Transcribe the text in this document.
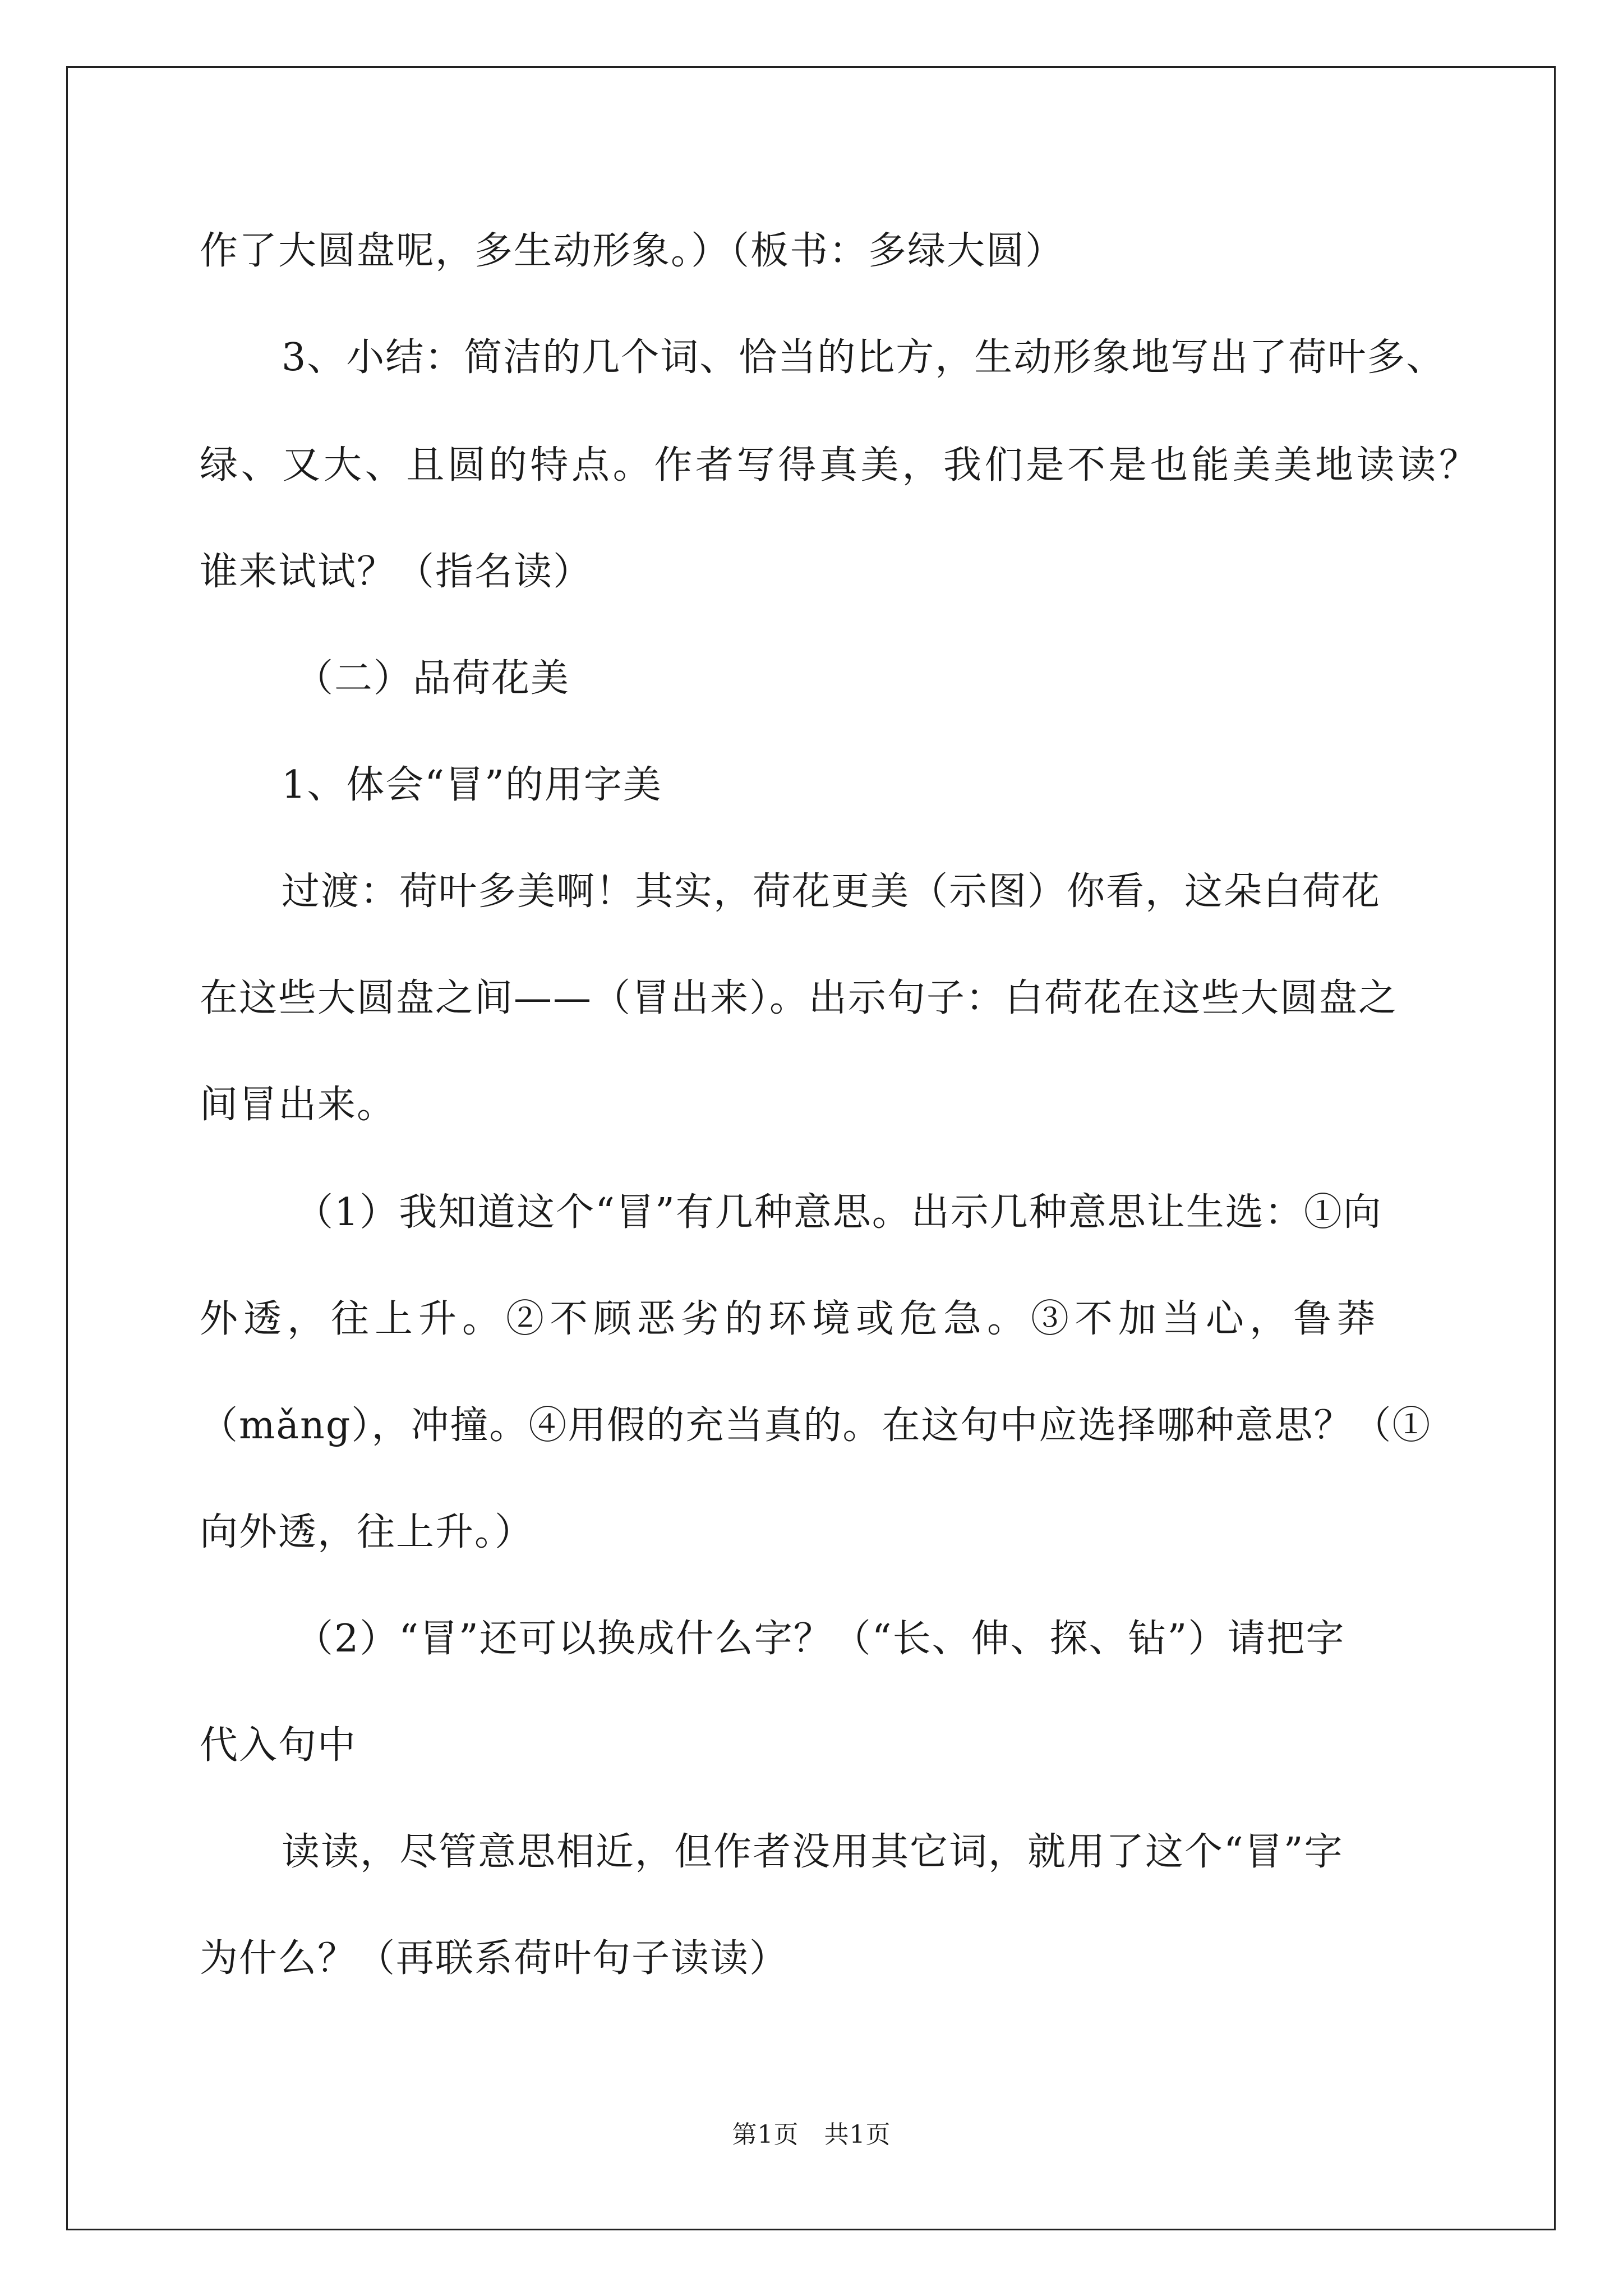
作了大圆盘呢，多生动形象。）（板书：多绿大圆）
3、小结：简洁的几个词、恰当的比方，生动形象地写出了荷叶多、
绿、又大、且圆的特点。作者写得真美，我们是不是也能美美地读读？
谁来试试？（指名读）
（二）品荷花美
1、体会“冒”的用字美
过渡：荷叶多美啊！其实，荷花更美（示图）你看，这朵白荷花
在这些大圆盘之间——（冒出来）。出示句子：白荷花在这些大圆盘之
间冒出来。
（1）我知道这个“冒”有几种意思。出示几种意思让生选：①向
外透，往上升。②不顾恶劣的环境或危急。③不加当心，鲁莽
（mǎng），冲撞。④用假的充当真的。在这句中应选择哪种意思？（①
向外透，往上升。）
（2）“冒”还可以换成什么字？（“长、伸、探、钻”）请把字
代入句中
读读，尽管意思相近，但作者没用其它词，就用了这个“冒”字
为什么？（再联系荷叶句子读读）
第1页   共1页
